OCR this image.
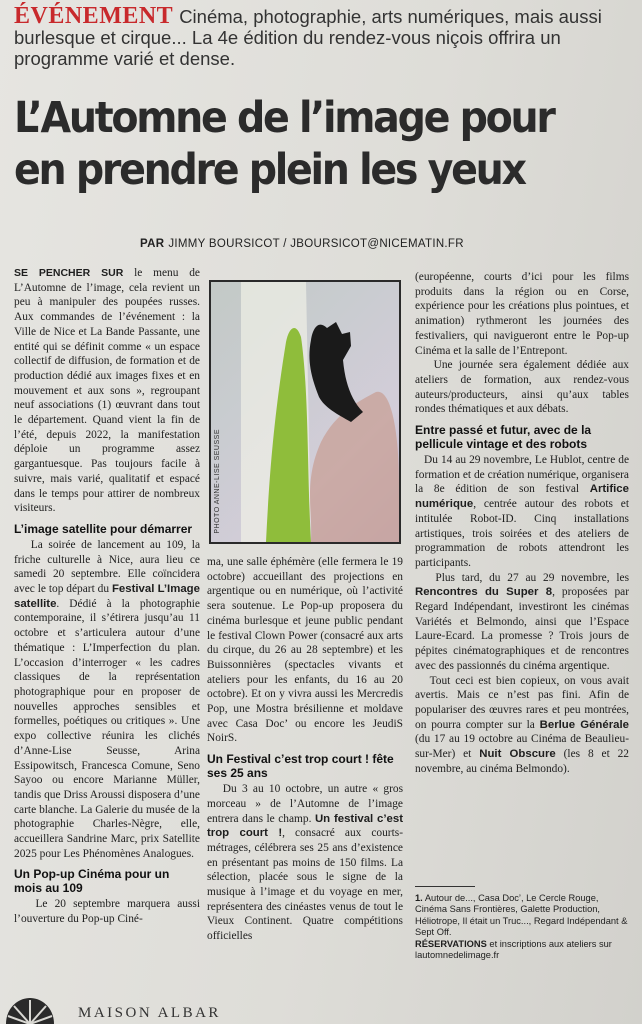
ÉVÉNEMENT Cinéma, photographie, arts numériques, mais aussi burlesque et cirque... La 4e édition du rendez-vous niçois offrira un programme varié et dense.
L’Automne de l’image pour en prendre plein les yeux
PAR JIMMY BOURSICOT / JBOURSICOT@NICEMATIN.FR

SE PENCHER SUR le menu de L’Automne de l’image, cela revient un peu à manipuler des poupées russes. Aux commandes de l’événement : la Ville de Nice et La Bande Passante, une entité qui se définit comme « un espace collectif de diffusion, de formation et de production dédié aux images fixes et en mouvement et aux sons », regroupant neuf associations (1) œuvrant dans tout le département. Quand vient la fin de l’été, depuis 2022, la manifestation déploie un programme assez gargantuesque. Pas toujours facile à suivre, mais varié, qualitatif et espacé dans le temps pour attirer de nombreux visiteurs.

L’image satellite pour démarrer

La soirée de lancement au 109, la friche culturelle à Nice, aura lieu ce samedi 20 septembre. Elle coïncidera avec le top départ du Festival L’Image satellite. Dédié à la photographie contemporaine, il s’étirera jusqu’au 11 octobre et s’articulera autour d’une thématique : L’Imperfection du plan. L’occasion d’interroger « les cadres classiques de la représentation photographique pour en proposer de nouvelles approches sensibles et formelles, poétiques ou critiques ». Une expo collective réunira les clichés d’Anne-Lise Seusse, Arina Essipowitsch, Francesca Comune, Seno Sayoo ou encore Marianne Müller, tandis que Driss Aroussi disposera d’une carte blanche. La Galerie du musée de la photographie Charles-Nègre, elle, accueillera Sandrine Marc, prix Satellite 2025 pour Les Phénomènes Analogues.

Un Pop-up Cinéma pour un mois au 109

Le 20 septembre marquera aussi l’ouverture du Pop-up Ciné-

PHOTO ANNE-LISE SEUSSE

ma, une salle éphémère (elle fermera le 19 octobre) accueillant des projections en argentique ou en numérique, où l’activité sera soutenue. Le Pop-up proposera du cinéma burlesque et jeune public pendant le festival Clown Power (consacré aux arts du cirque, du 26 au 28 septembre) et les Buissonnières (spectacles vivants et ateliers pour les enfants, du 16 au 20 octobre). Et on y vivra aussi les Mercredis Pop, une Mostra brésilienne et moldave avec Casa Doc’ ou encore les JeudiS NoirS.

Un Festival c’est trop court ! fête ses 25 ans

Du 3 au 10 octobre, un autre « gros morceau » de l’Automne de l’image entrera dans le champ. Un festival c’est trop court !, consacré aux courts-métrages, célébrera ses 25 ans d’existence en présentant pas moins de 150 films. La sélection, placée sous le signe de la musique à l’image et du voyage en mer, représentera des cinéastes venus de tout le Vieux Continent. Quatre compétitions officielles

(européenne, courts d’ici pour les films produits dans la région ou en Corse, expérience pour les créations plus pointues, et animation) rythmeront les journées des festivaliers, qui navigueront entre le Pop-up Cinéma et la salle de l’Entrepont.

Une journée sera également dédiée aux ateliers de formation, aux rendez-vous auteurs/producteurs, ainsi qu’aux tables rondes thématiques et aux débats.

Entre passé et futur, avec de la pellicule vintage et des robots

Du 14 au 29 novembre, Le Hublot, centre de formation et de création numérique, organisera la 8e édition de son festival Artifice numérique, centrée autour des robots et intitulée Robot-ID. Cinq installations artistiques, trois soirées et des ateliers de programmation de robots attendront les participants.

Plus tard, du 27 au 29 novembre, les Rencontres du Super 8, proposées par Regard Indépendant, investiront les cinémas Variétés et Belmondo, ainsi que l’Espace Laure-Ecard. La promesse ? Trois jours de pépites cinématographiques et de rencontres avec des passionnés du cinéma argentique.

Tout ceci est bien copieux, on vous avait avertis. Mais ce n’est pas fini. Afin de populariser des œuvres rares et peu montrées, on pourra compter sur la Berlue Générale (du 17 au 19 octobre au Cinéma de Beaulieu-sur-Mer) et Nuit Obscure (les 8 et 22 novembre, au cinéma Belmondo).

1. Autour de..., Casa Doc’, Le Cercle Rouge, Cinéma Sans Frontières, Galette Production, Héliotrope, Il était un Truc..., Regard Indépendant & Sept Off.

RÉSERVATIONS et inscriptions aux ateliers sur lautomnedelimage.fr

MAISON ALBAR
